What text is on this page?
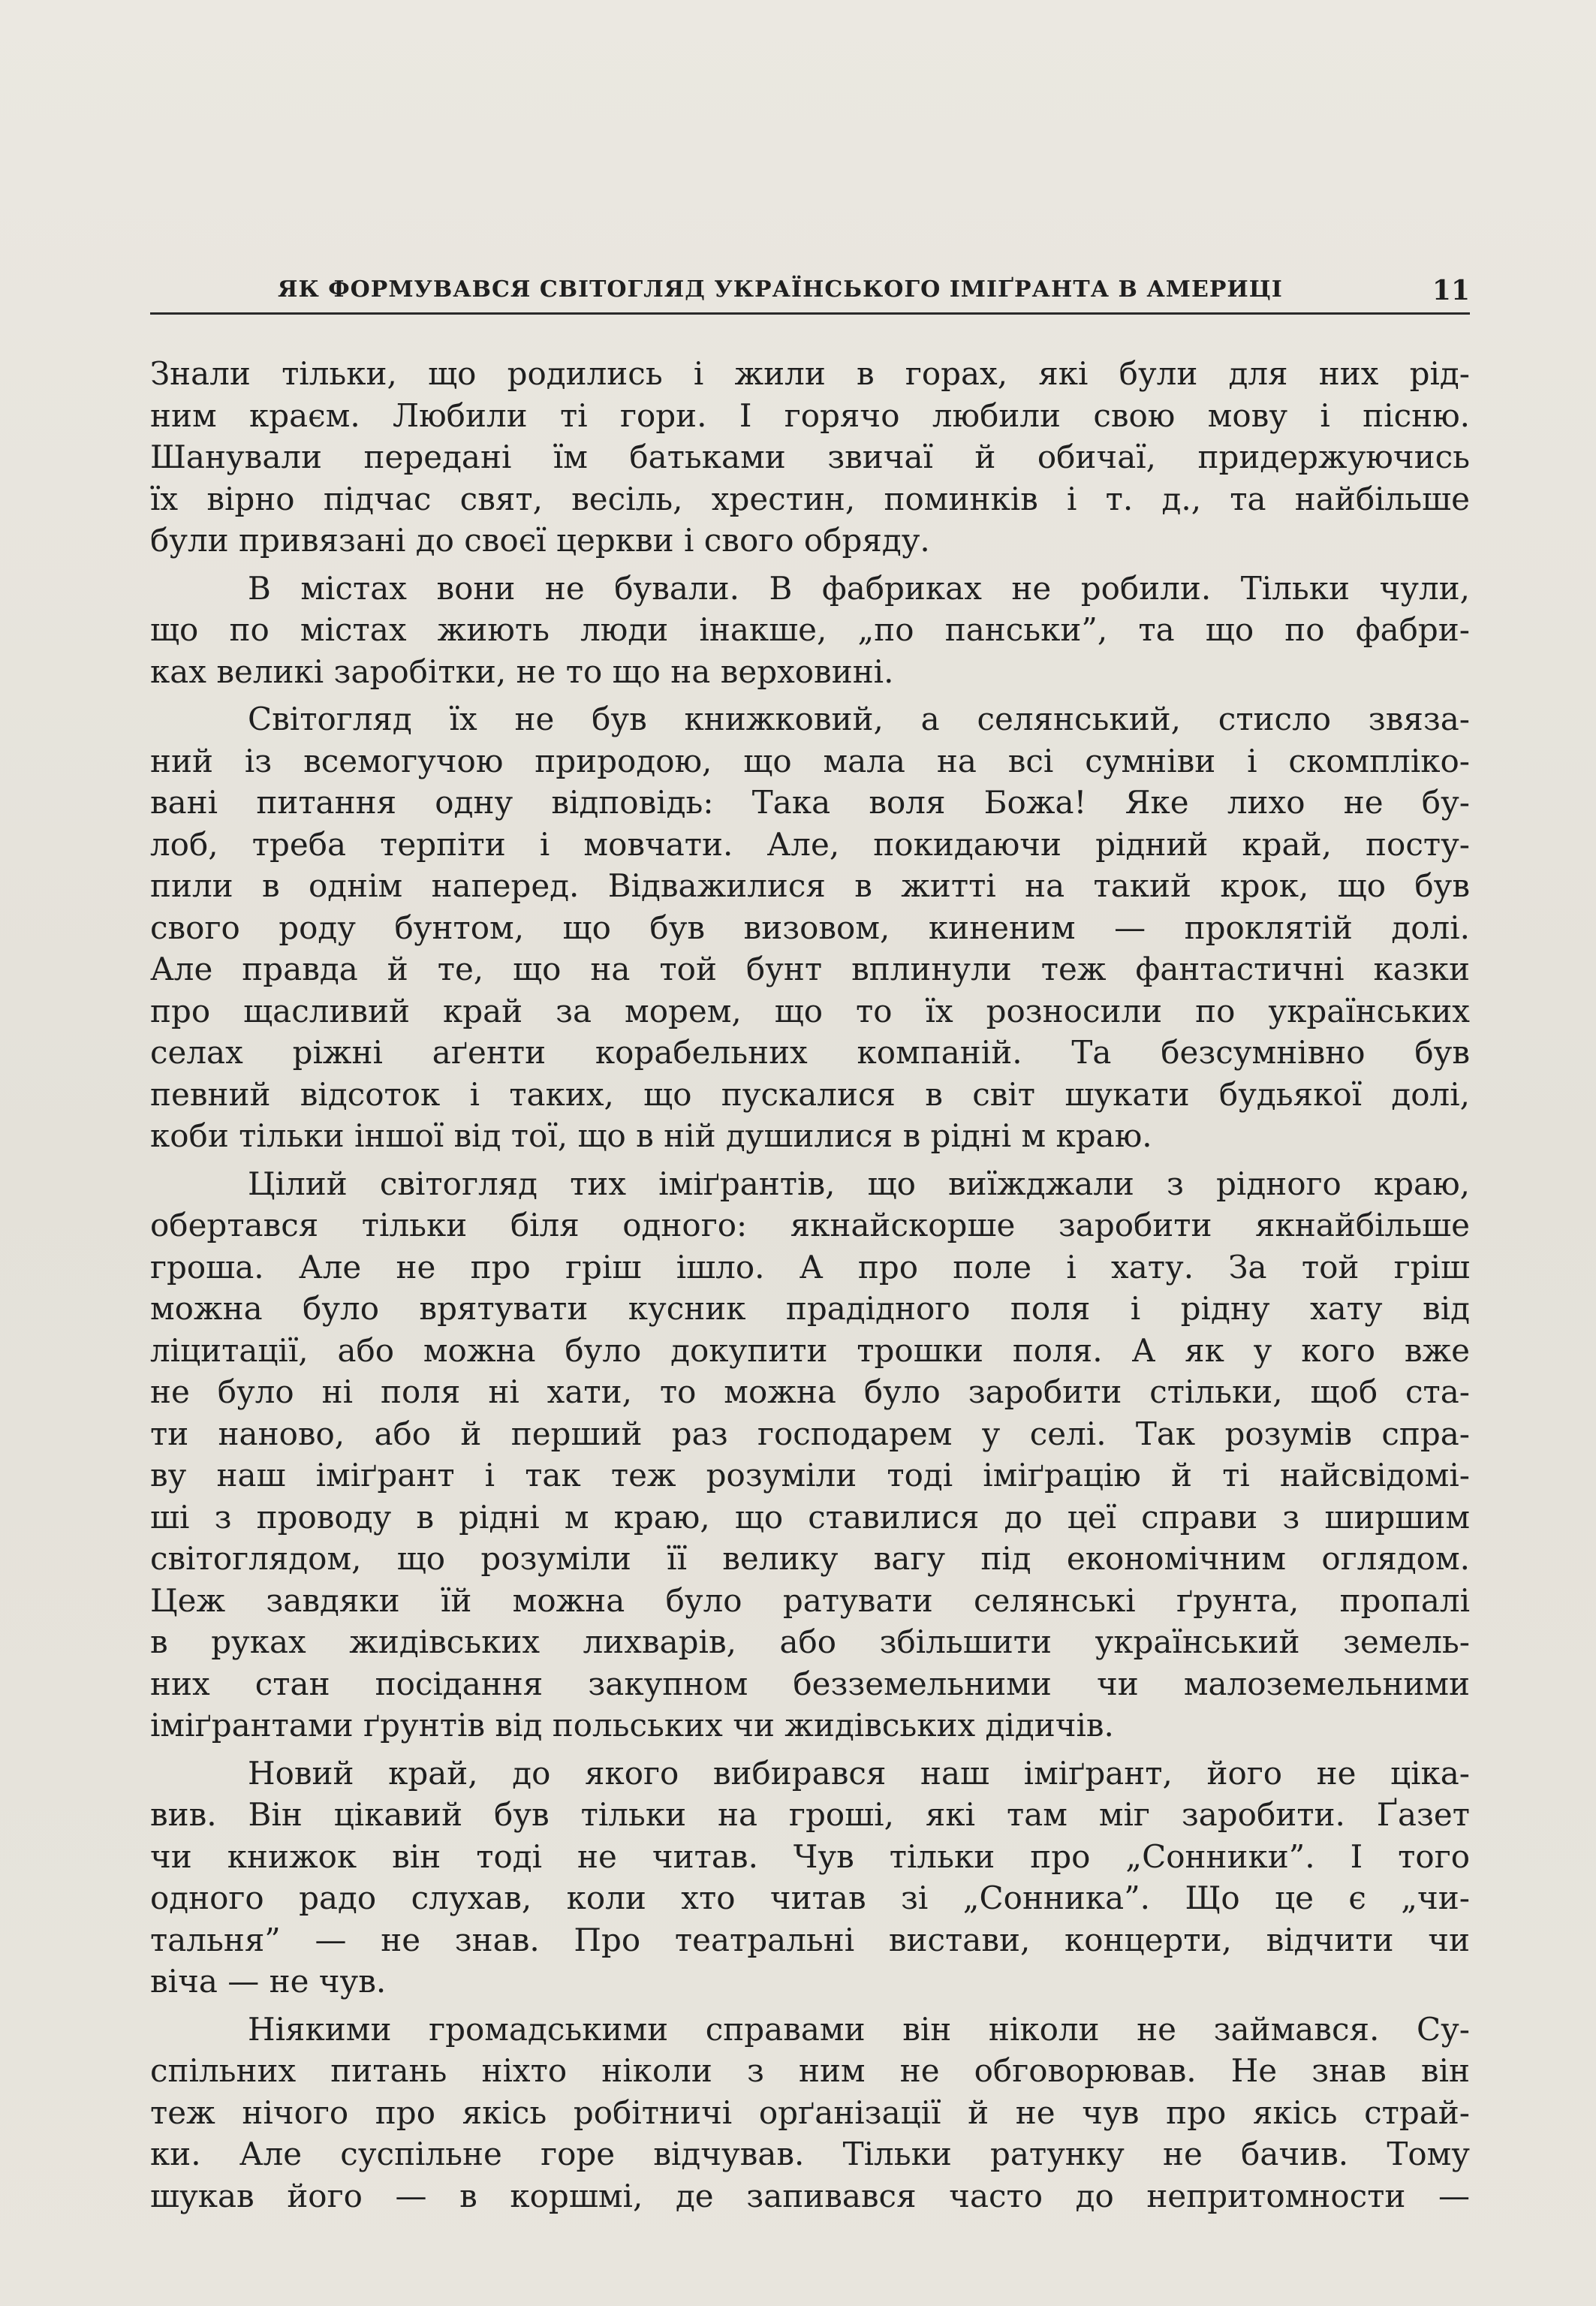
ЯК ФОРМУВАВСЯ СВІТОГЛЯД УКРАЇНСЬКОГО ІМІҐРАНТА В АМЕРИЦІ	11
Знали тільки, що родились і жили в горах, які були для них рід-
ним краєм. Любили ті гори. І горячо любили свою мову і пісню.
Шанували передані їм батьками звичаї й обичаї, придержуючись
їх вірно підчас свят, весіль, хрестин, поминків і т. д., та найбільше
були привязані до своєї церкви і свого обряду.
В містах вони не бували. В фабриках не робили. Тільки чули,
що по містах жиють люди інакше, „по панськи”, та що по фабри-
ках великі заробітки, не то що на верховині.
Світогляд їх не був книжковий, а селянський, стисло звяза-
ний із всемогучою природою, що мала на всі сумніви і скомпліко-
вані питання одну відповідь: Така воля Божа! Яке лихо не бу-
лоб, треба терпіти і мовчати. Але, покидаючи рідний край, посту-
пили в однім наперед. Відважилися в житті на такий крок, що був
свого роду бунтом, що був визовом, киненим — проклятій долі.
Але правда й те, що на той бунт вплинули теж фантастичні казки
про щасливий край за морем, що то їх розносили по українських
селах ріжні аґенти корабельних компаній. Та безсумнівно був
певний відсоток і таких, що пускалися в світ шукати будьякої долі,
коби тільки іншої від тої, що в ній душилися в рідні м краю.
Цілий світогляд тих іміґрантів, що виїжджали з рідного краю,
обертався тільки біля одного: якнайскорше заробити якнайбільше
гроша. Але не про гріш ішло. А про поле і хату. За той гріш
можна було врятувати кусник прадідного поля і рідну хату від
ліцитації, або можна було докупити трошки поля. А як у кого вже
не було ні поля ні хати, то можна було заробити стільки, щоб ста-
ти наново, або й перший раз господарем у селі. Так розумів спра-
ву наш іміґрант і так теж розуміли тоді іміґрацію й ті найсвідомі-
ші з проводу в рідні м краю, що ставилися до цеї справи з ширшим
світоглядом, що розуміли її велику вагу під економічним оглядом.
Цеж завдяки їй можна було ратувати селянські ґрунта, пропалі
в руках жидівських лихварів, або збільшити український земель-
них стан посідання закупном безземельними чи малоземельними
іміґрантами ґрунтів від польських чи жидівських дідичів.
Новий край, до якого вибирався наш іміґрант, його не цікa-
вив. Він цікавий був тільки на гроші, які там міг заробити. Ґазет
чи книжок він тоді не читав. Чув тільки про „Сонники”. І того
одного радо слухав, коли хто читав зі „Сонника”. Що це є „чи-
тальня” — не знав. Про театральні вистави, концерти, відчити чи
віча — не чув.
Ніякими громадськими справами він ніколи не займався. Су-
спільних питань ніхто ніколи з ним не обговорював. Не знав він
теж нічого про якісь робітничі орґанізації й не чув про якісь страй-
ки. Але суспільне горе відчував. Тільки ратунку не бачив. Тому
шукав його — в коршмі, де запивався часто до непритомности —
